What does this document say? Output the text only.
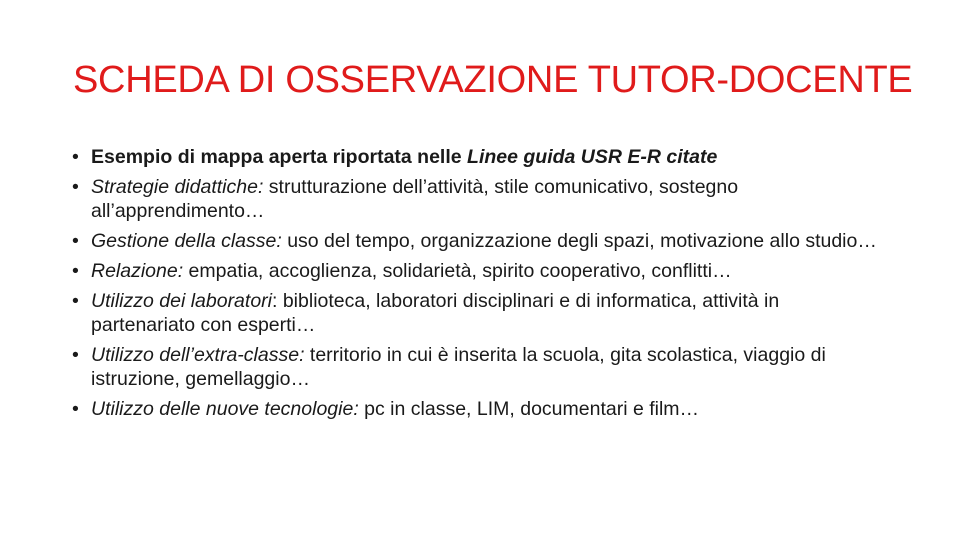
SCHEDA DI OSSERVAZIONE TUTOR-DOCENTE
• Esempio di mappa aperta riportata nelle Linee guida USR E-R citate
• Strategie didattiche: strutturazione dell’attività, stile comunicativo, sostegno all’apprendimento…
• Gestione della classe: uso del tempo, organizzazione degli spazi, motivazione allo studio…
• Relazione: empatia, accoglienza, solidarietà, spirito cooperativo, conflitti…
• Utilizzo dei laboratori: biblioteca, laboratori disciplinari e di informatica, attività in partenariato con esperti…
• Utilizzo dell’extra-classe: territorio in cui è inserita la scuola, gita scolastica, viaggio di istruzione, gemellaggio…
• Utilizzo delle nuove tecnologie: pc in classe, LIM, documentari e film…
